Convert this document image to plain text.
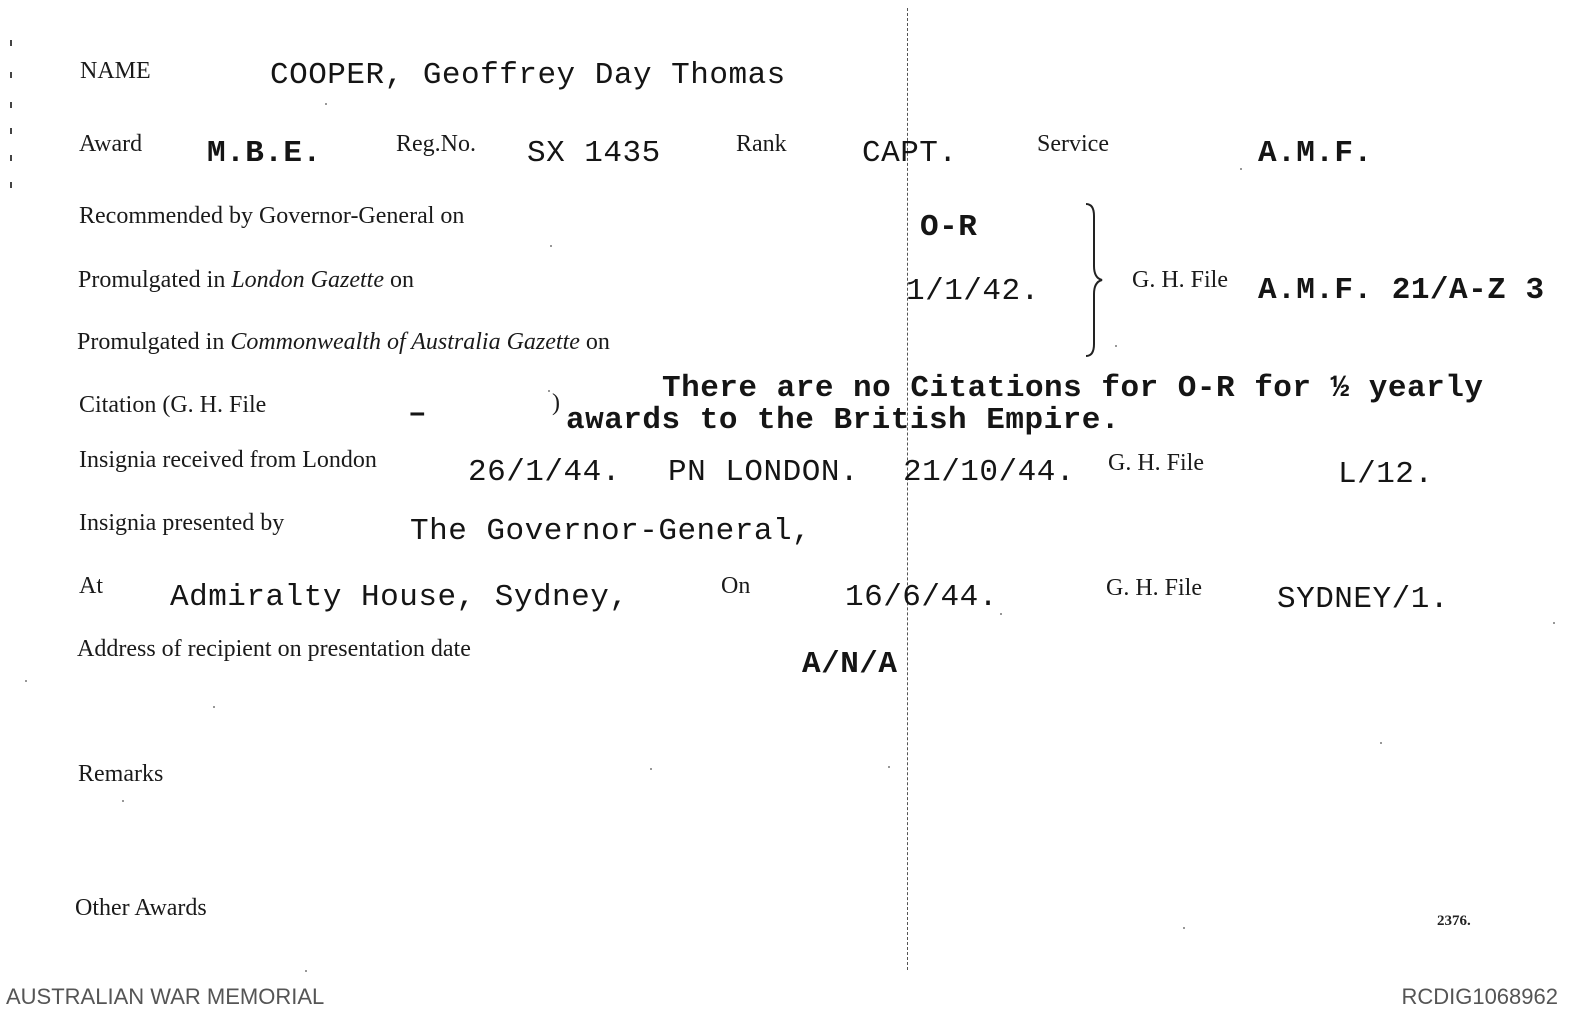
NAME	COOPER, Geoffrey Day Thomas
Award M.B.E.	Reg.No. SX 1435	Rank CAPT.	Service	A.M.F.
Recommended by Governor-General on	O-R
Promulgated in London Gazette on	1/1/42.	G. H. File A.M.F. 21/A-Z 3
Promulgated in Commonwealth of Australia Gazette on
Citation (G. H. File	–	)	There are no Citations for O-R for ½ yearly
awards to the British Empire.
Insignia received from London	26/1/44. PN LONDON. 21/10/44. G. H. File	L/12.
Insignia presented by	The Governor-General,
At Admiralty House, Sydney,	On	16/6/44.	G. H. File SYDNEY/1.
Address of recipient on presentation date	A/N/A
Remarks
Other Awards	2376.
AUSTRALIAN WAR MEMORIAL	RCDIG1068962
